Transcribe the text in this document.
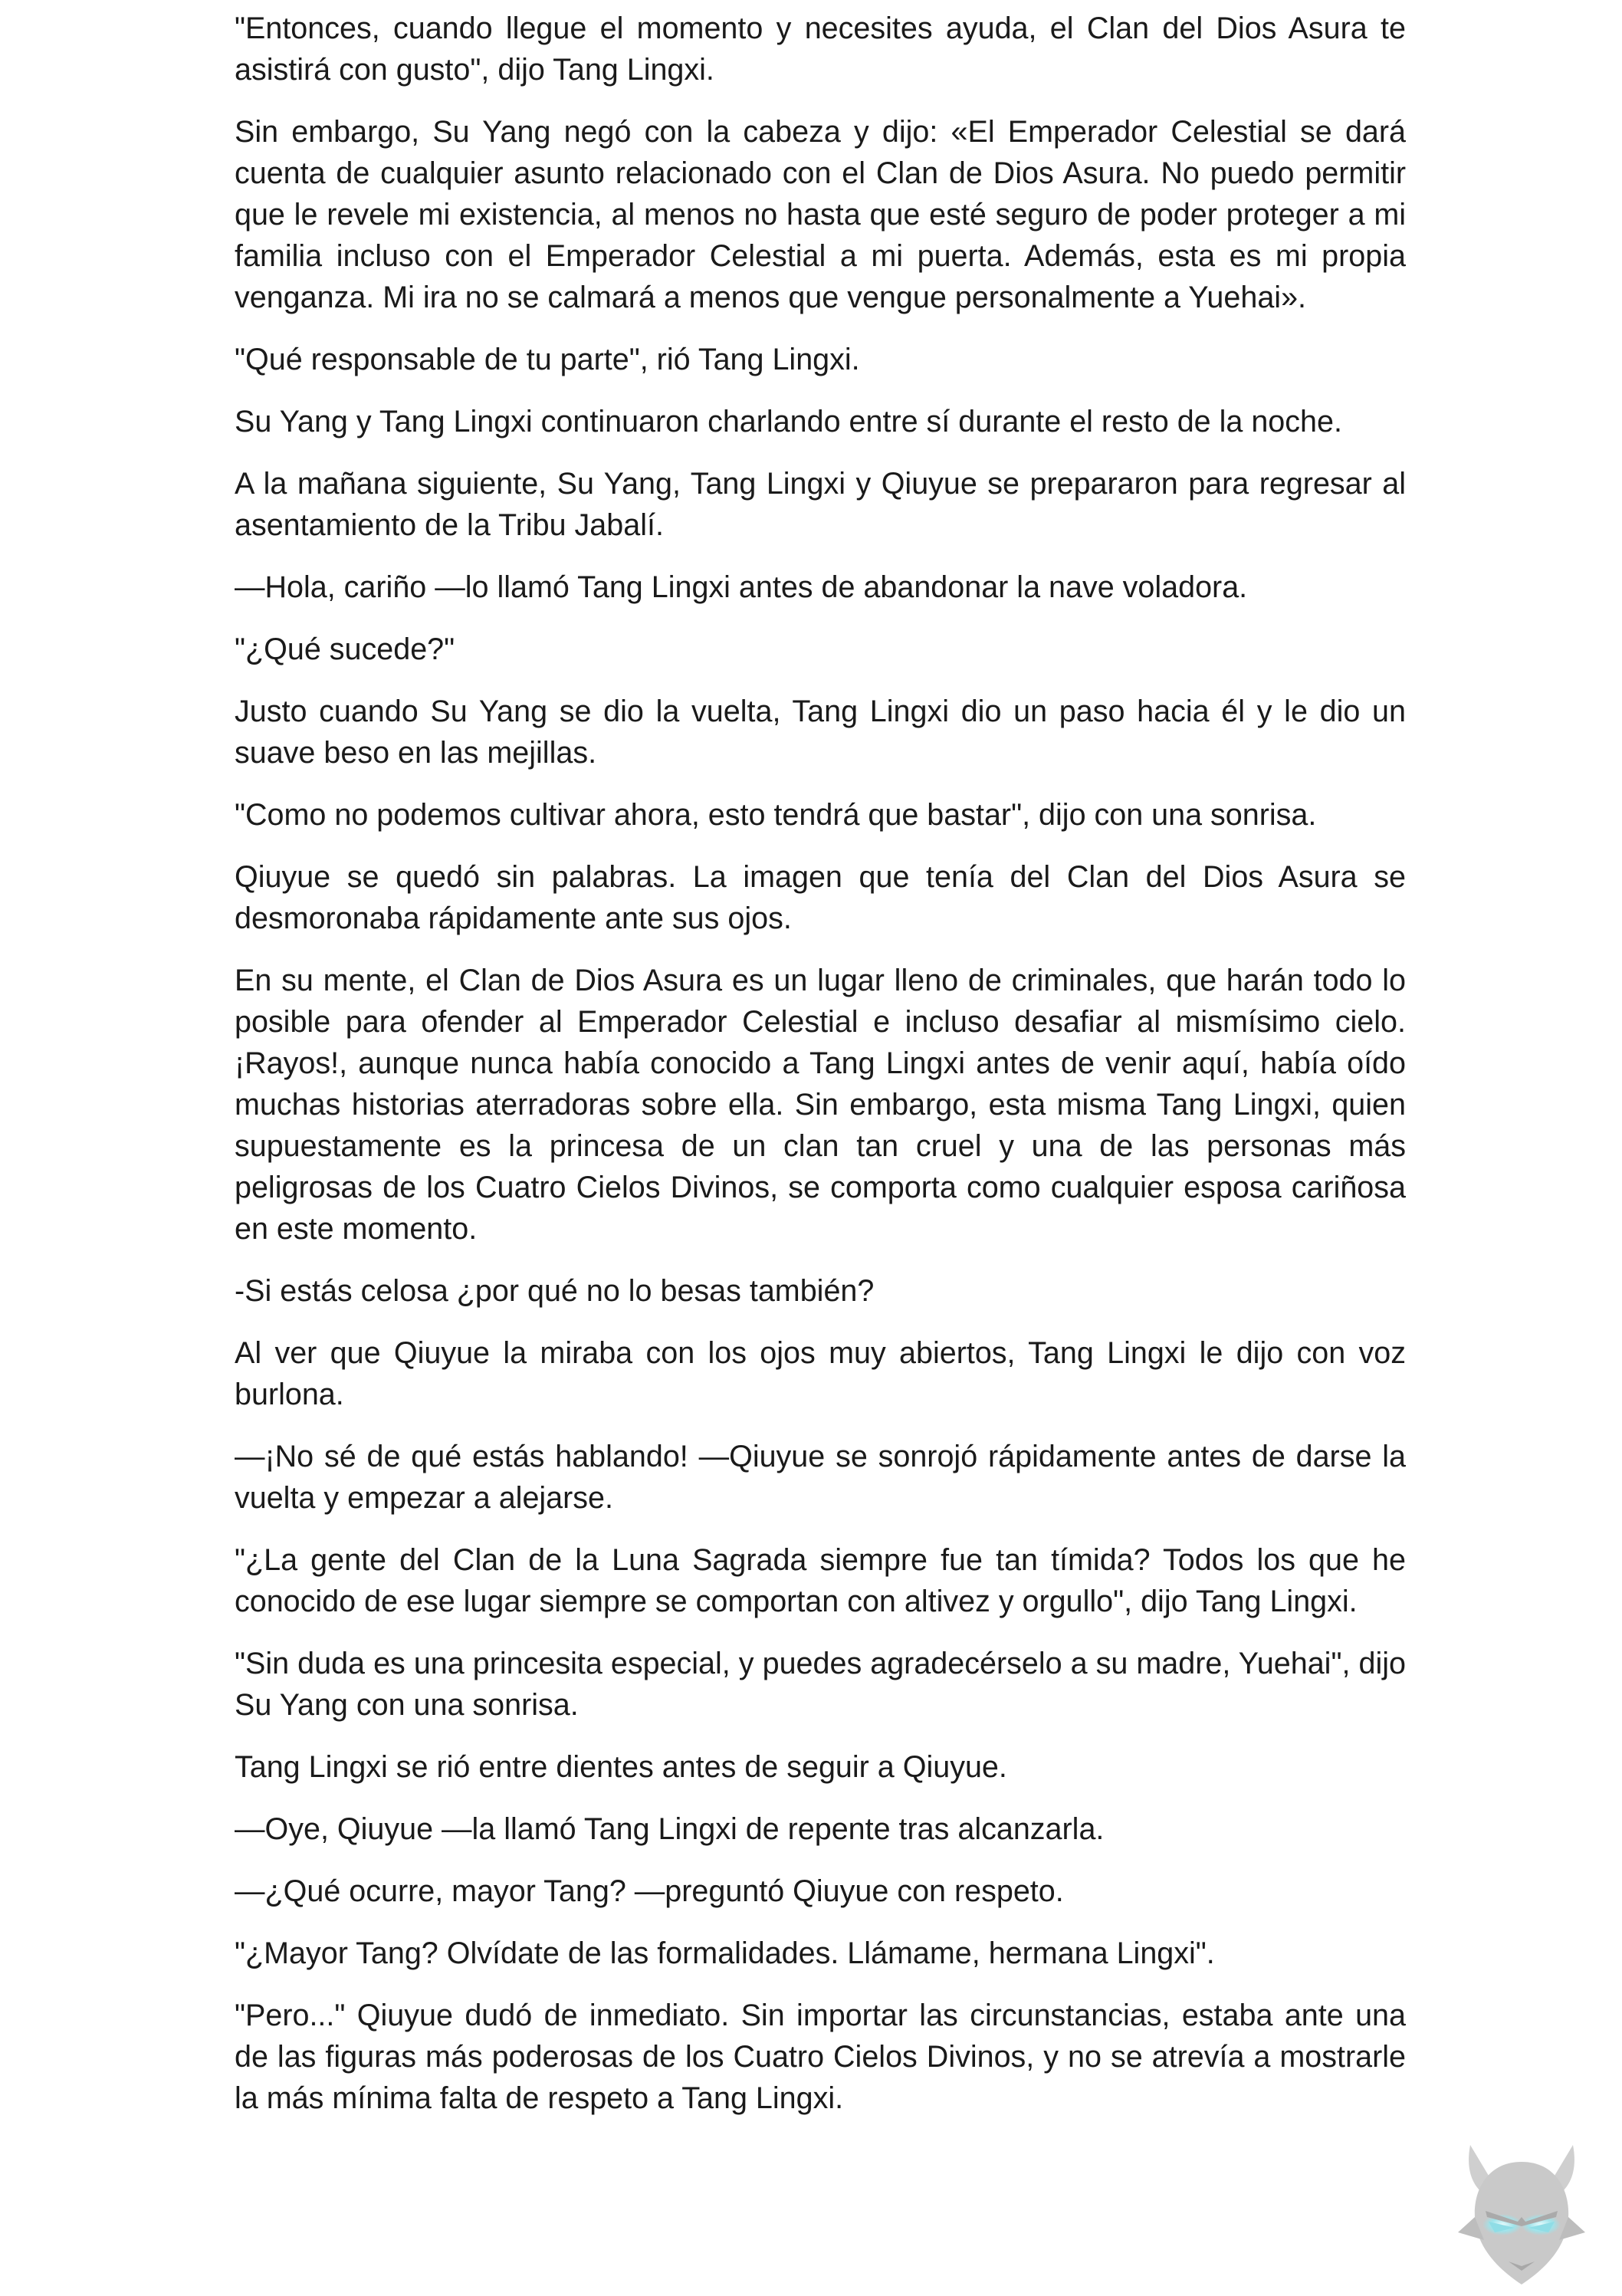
"Entonces, cuando llegue el momento y necesites ayuda, el Clan del Dios Asura te asistirá con gusto", dijo Tang Lingxi.

Sin embargo, Su Yang negó con la cabeza y dijo: «El Emperador Celestial se dará cuenta de cualquier asunto relacionado con el Clan de Dios Asura. No puedo permitir que le revele mi existencia, al menos no hasta que esté seguro de poder proteger a mi familia incluso con el Emperador Celestial a mi puerta. Además, esta es mi propia venganza. Mi ira no se calmará a menos que vengue personalmente a Yuehai».

"Qué responsable de tu parte", rió Tang Lingxi.

Su Yang y Tang Lingxi continuaron charlando entre sí durante el resto de la noche.

A la mañana siguiente, Su Yang, Tang Lingxi y Qiuyue se prepararon para regresar al asentamiento de la Tribu Jabalí.

—Hola, cariño —lo llamó Tang Lingxi antes de abandonar la nave voladora.

"¿Qué sucede?"

Justo cuando Su Yang se dio la vuelta, Tang Lingxi dio un paso hacia él y le dio un suave beso en las mejillas.

"Como no podemos cultivar ahora, esto tendrá que bastar", dijo con una sonrisa.

Qiuyue se quedó sin palabras. La imagen que tenía del Clan del Dios Asura se desmoronaba rápidamente ante sus ojos.

En su mente, el Clan de Dios Asura es un lugar lleno de criminales, que harán todo lo posible para ofender al Emperador Celestial e incluso desafiar al mismísimo cielo. ¡Rayos!, aunque nunca había conocido a Tang Lingxi antes de venir aquí, había oído muchas historias aterradoras sobre ella. Sin embargo, esta misma Tang Lingxi, quien supuestamente es la princesa de un clan tan cruel y una de las personas más peligrosas de los Cuatro Cielos Divinos, se comporta como cualquier esposa cariñosa en este momento.

-Si estás celosa ¿por qué no lo besas también?

Al ver que Qiuyue la miraba con los ojos muy abiertos, Tang Lingxi le dijo con voz burlona.

—¡No sé de qué estás hablando! —Qiuyue se sonrojó rápidamente antes de darse la vuelta y empezar a alejarse.

"¿La gente del Clan de la Luna Sagrada siempre fue tan tímida? Todos los que he conocido de ese lugar siempre se comportan con altivez y orgullo", dijo Tang Lingxi.

"Sin duda es una princesita especial, y puedes agradecérselo a su madre, Yuehai", dijo Su Yang con una sonrisa.

Tang Lingxi se rió entre dientes antes de seguir a Qiuyue.

—Oye, Qiuyue —la llamó Tang Lingxi de repente tras alcanzarla.

—¿Qué ocurre, mayor Tang? —preguntó Qiuyue con respeto.

"¿Mayor Tang? Olvídate de las formalidades. Llámame, hermana Lingxi".

"Pero..." Qiuyue dudó de inmediato. Sin importar las circunstancias, estaba ante una de las figuras más poderosas de los Cuatro Cielos Divinos, y no se atrevía a mostrarle la más mínima falta de respeto a Tang Lingxi.
